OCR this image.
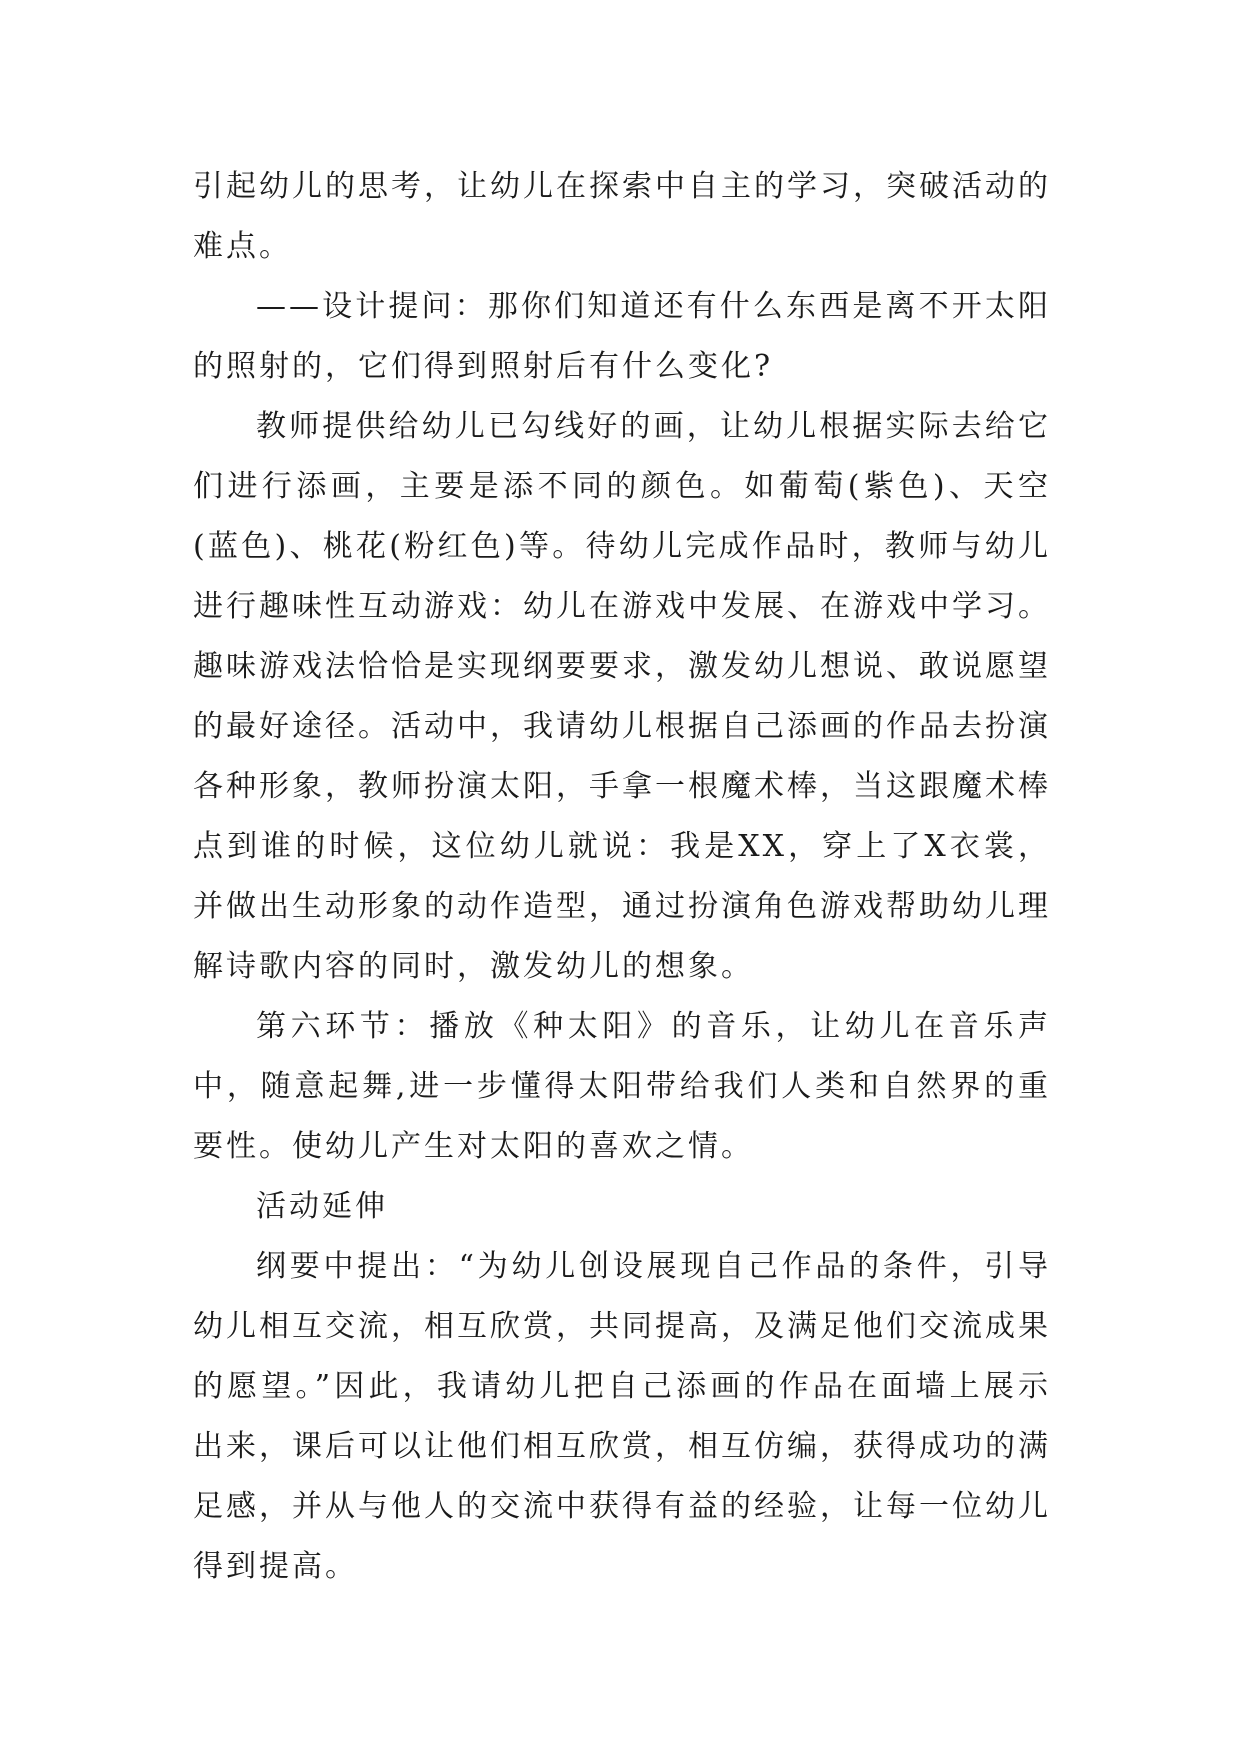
引起幼儿的思考，让幼儿在探索中自主的学习，突破活动的难点。

——设计提问：那你们知道还有什么东西是离不开太阳的照射的，它们得到照射后有什么变化?

教师提供给幼儿已勾线好的画，让幼儿根据实际去给它们进行添画，主要是添不同的颜色。如葡萄(紫色)、天空(蓝色)、桃花(粉红色)等。待幼儿完成作品时，教师与幼儿进行趣味性互动游戏：幼儿在游戏中发展、在游戏中学习。趣味游戏法恰恰是实现纲要要求，激发幼儿想说、敢说愿望的最好途径。活动中，我请幼儿根据自己添画的作品去扮演各种形象，教师扮演太阳，手拿一根魔术棒，当这跟魔术棒点到谁的时候，这位幼儿就说：我是XX，穿上了X衣裳，并做出生动形象的动作造型，通过扮演角色游戏帮助幼儿理解诗歌内容的同时，激发幼儿的想象。

第六环节：播放《种太阳》的音乐，让幼儿在音乐声中，随意起舞,进一步懂得太阳带给我们人类和自然界的重要性。使幼儿产生对太阳的喜欢之情。

活动延伸

纲要中提出：“为幼儿创设展现自己作品的条件，引导幼儿相互交流，相互欣赏，共同提高，及满足他们交流成果的愿望。”因此，我请幼儿把自己添画的作品在面墙上展示出来，课后可以让他们相互欣赏，相互仿编，获得成功的满足感，并从与他人的交流中获得有益的经验，让每一位幼儿得到提高。
